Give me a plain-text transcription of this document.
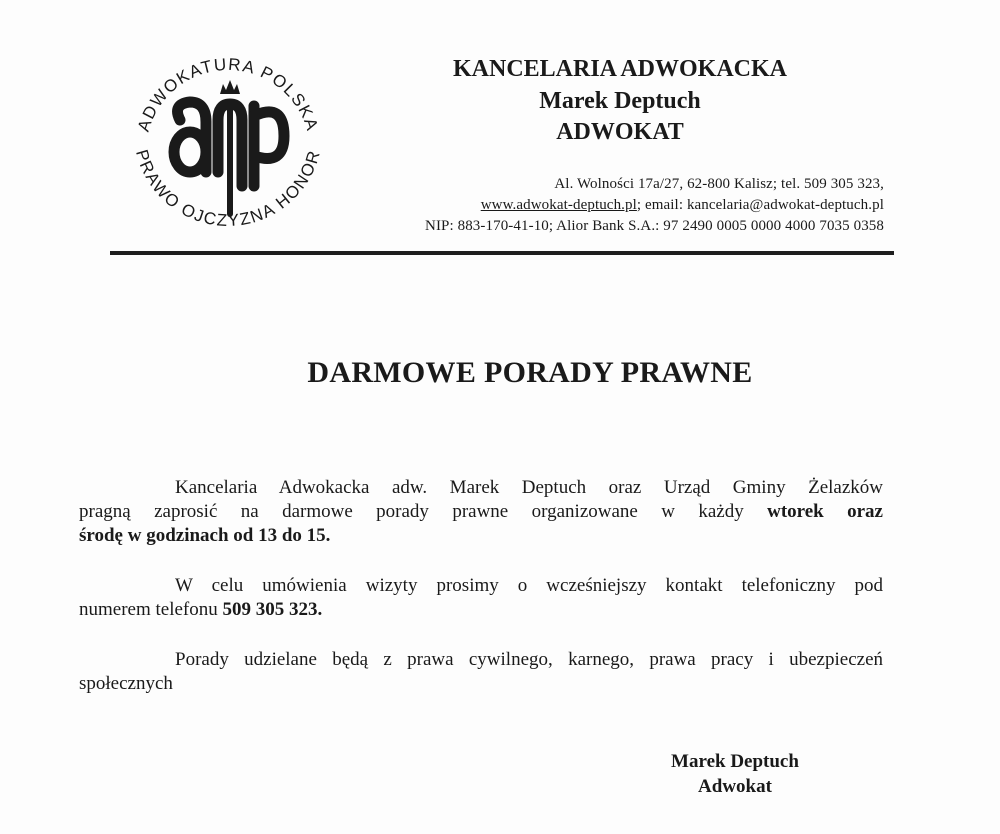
ADWOKATURA POLSKA
PRAWO OJCZYZNA HONOR
KANCELARIA ADWOKACKA
Marek Deptuch
ADWOKAT
Al. Wolności 17a/27, 62-800 Kalisz; tel. 509 305 323,
www.adwokat-deptuch.pl; email: kancelaria@adwokat-deptuch.pl
NIP: 883-170-41-10; Alior Bank S.A.: 97 2490 0005 0000 4000 7035 0358
DARMOWE PORADY PRAWNE
Kancelaria Adwokacka adw. Marek Deptuch oraz Urząd Gminy Żelazków
pragną zaprosić na darmowe porady prawne organizowane w każdy wtorek oraz
środę w godzinach od 13 do 15.
W celu umówienia wizyty prosimy o wcześniejszy kontakt telefoniczny pod
numerem telefonu 509 305 323.
Porady udzielane będą z prawa cywilnego, karnego, prawa pracy i ubezpieczeń
społecznych
Marek Deptuch
Adwokat
